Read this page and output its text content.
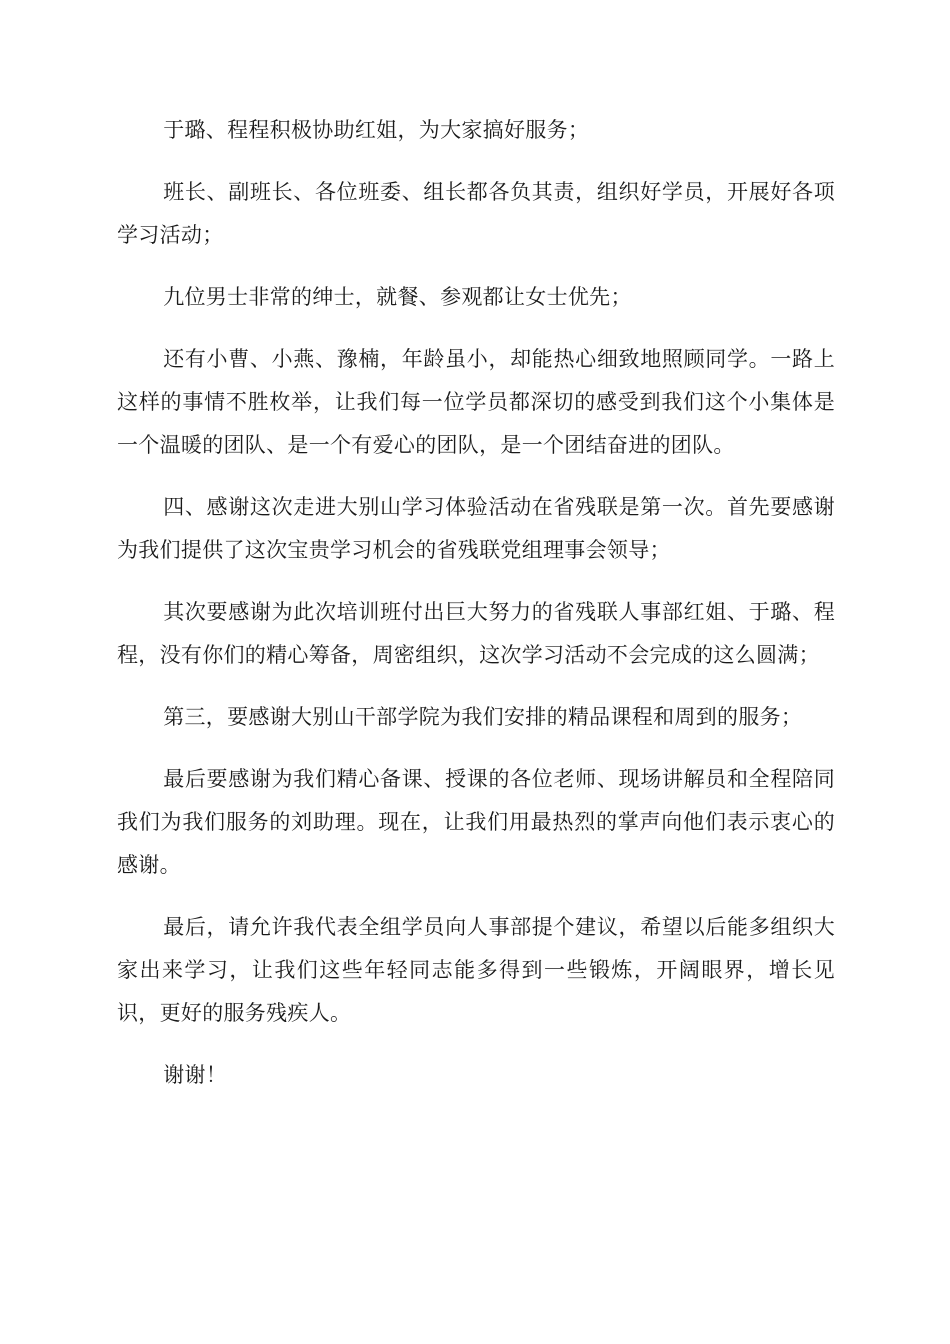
于璐、程程积极协助红姐，为大家搞好服务；

班长、副班长、各位班委、组长都各负其责，组织好学员，开展好各项学习活动；

九位男士非常的绅士，就餐、参观都让女士优先；

还有小曹、小燕、豫楠，年龄虽小，却能热心细致地照顾同学。一路上这样的事情不胜枚举，让我们每一位学员都深切的感受到我们这个小集体是一个温暖的团队、是一个有爱心的团队，是一个团结奋进的团队。

四、感谢这次走进大别山学习体验活动在省残联是第一次。首先要感谢为我们提供了这次宝贵学习机会的省残联党组理事会领导；

其次要感谢为此次培训班付出巨大努力的省残联人事部红姐、于璐、程程，没有你们的精心筹备，周密组织，这次学习活动不会完成的这么圆满；

第三，要感谢大别山干部学院为我们安排的精品课程和周到的服务；

最后要感谢为我们精心备课、授课的各位老师、现场讲解员和全程陪同我们为我们服务的刘助理。现在，让我们用最热烈的掌声向他们表示衷心的感谢。

最后，请允许我代表全组学员向人事部提个建议，希望以后能多组织大家出来学习，让我们这些年轻同志能多得到一些锻炼，开阔眼界，增长见识，更好的服务残疾人。

谢谢！
